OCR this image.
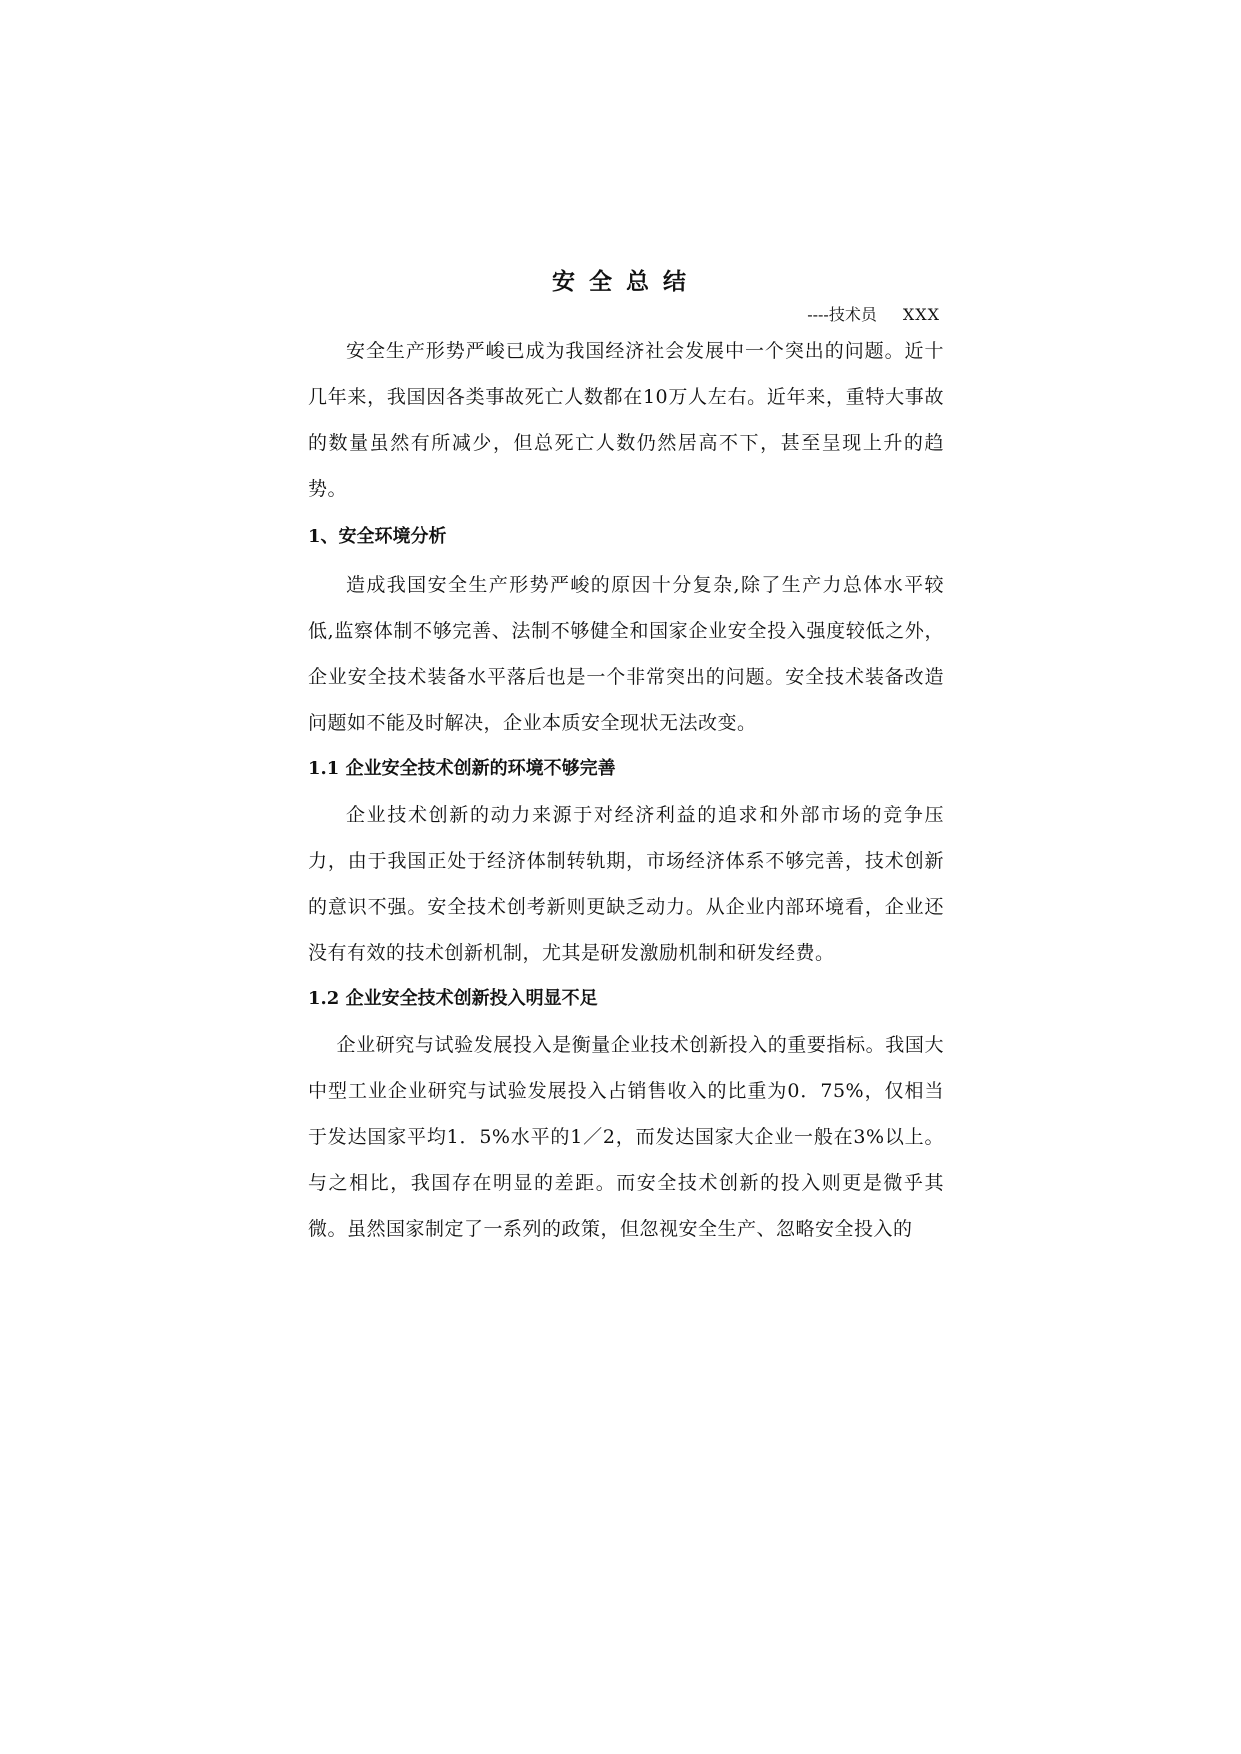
安全总结
----技术员 XXX

安全生产形势严峻已成为我国经济社会发展中一个突出的问题。近十几年来，我国因各类事故死亡人数都在10万人左右。近年来，重特大事故的数量虽然有所减少，但总死亡人数仍然居高不下，甚至呈现上升的趋势。

1、安全环境分析

造成我国安全生产形势严峻的原因十分复杂,除了生产力总体水平较低,监察体制不够完善、法制不够健全和国家企业安全投入强度较低之外，企业安全技术装备水平落后也是一个非常突出的问题。安全技术装备改造问题如不能及时解决，企业本质安全现状无法改变。

1.1 企业安全技术创新的环境不够完善

企业技术创新的动力来源于对经济利益的追求和外部市场的竞争压力，由于我国正处于经济体制转轨期，市场经济体系不够完善，技术创新的意识不强。安全技术创考新则更缺乏动力。从企业内部环境看，企业还没有有效的技术创新机制，尤其是研发激励机制和研发经费。

1.2 企业安全技术创新投入明显不足

企业研究与试验发展投入是衡量企业技术创新投入的重要指标。我国大中型工业企业研究与试验发展投入占销售收入的比重为0．75%，仅相当于发达国家平均1．5%水平的1／2，而发达国家大企业一般在3%以上。与之相比，我国存在明显的差距。而安全技术创新的投入则更是微乎其微。虽然国家制定了一系列的政策，但忽视安全生产、忽略安全投入的
